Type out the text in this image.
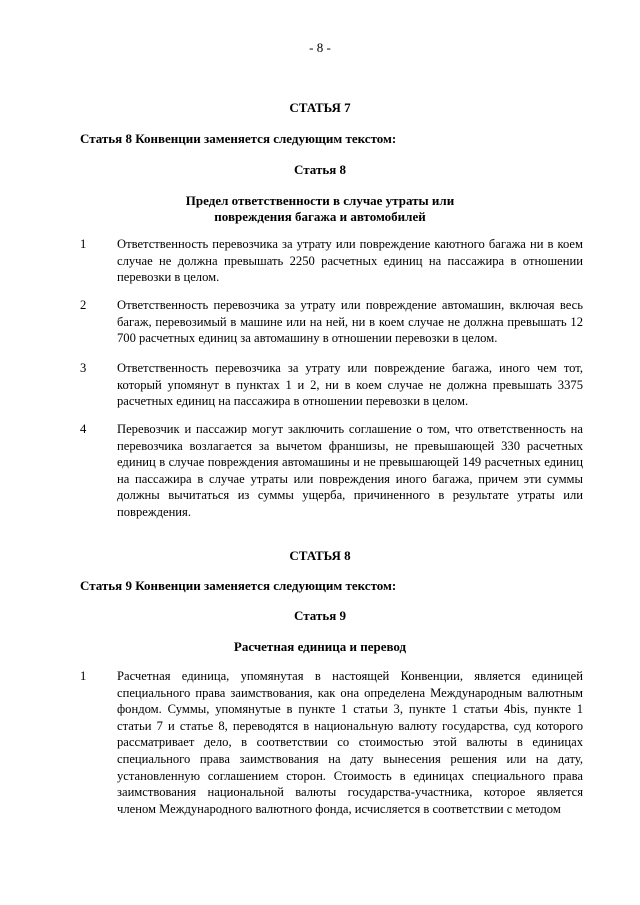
- 8 -
СТАТЬЯ 7
Статья 8 Конвенции заменяется следующим текстом:
Статья 8
Предел ответственности в случае утраты или
повреждения багажа и автомобилей
1 Ответственность перевозчика за утрату или повреждение каютного багажа ни в коем случае не должна превышать 2250 расчетных единиц на пассажира в отношении перевозки в целом.
2 Ответственность перевозчика за утрату или повреждение автомашин, включая весь багаж, перевозимый в машине или на ней, ни в коем случае не должна превышать 12 700 расчетных единиц за автомашину в отношении перевозки в целом.
3 Ответственность перевозчика за утрату или повреждение багажа, иного чем тот, который упомянут в пунктах 1 и 2, ни в коем случае не должна превышать 3375 расчетных единиц на пассажира в отношении перевозки в целом.
4 Перевозчик и пассажир могут заключить соглашение о том, что ответственность на перевозчика возлагается за вычетом франшизы, не превышающей 330 расчетных единиц в случае повреждения автомашины и не превышающей 149 расчетных единиц на пассажира в случае утраты или повреждения иного багажа, причем эти суммы должны вычитаться из суммы ущерба, причиненного в результате утраты или повреждения.
СТАТЬЯ 8
Статья 9 Конвенции заменяется следующим текстом:
Статья 9
Расчетная единица и перевод
1 Расчетная единица, упомянутая в настоящей Конвенции, является единицей специального права заимствования, как она определена Международным валютным фондом. Суммы, упомянутые в пункте 1 статьи 3, пункте 1 статьи 4bis, пункте 1 статьи 7 и статье 8, переводятся в национальную валюту государства, суд которого рассматривает дело, в соответствии со стоимостью этой валюты в единицах специального права заимствования на дату вынесения решения или на дату, установленную соглашением сторон. Стоимость в единицах специального права заимствования национальной валюты государства-участника, которое является членом Международного валютного фонда, исчисляется в соответствии с методом
